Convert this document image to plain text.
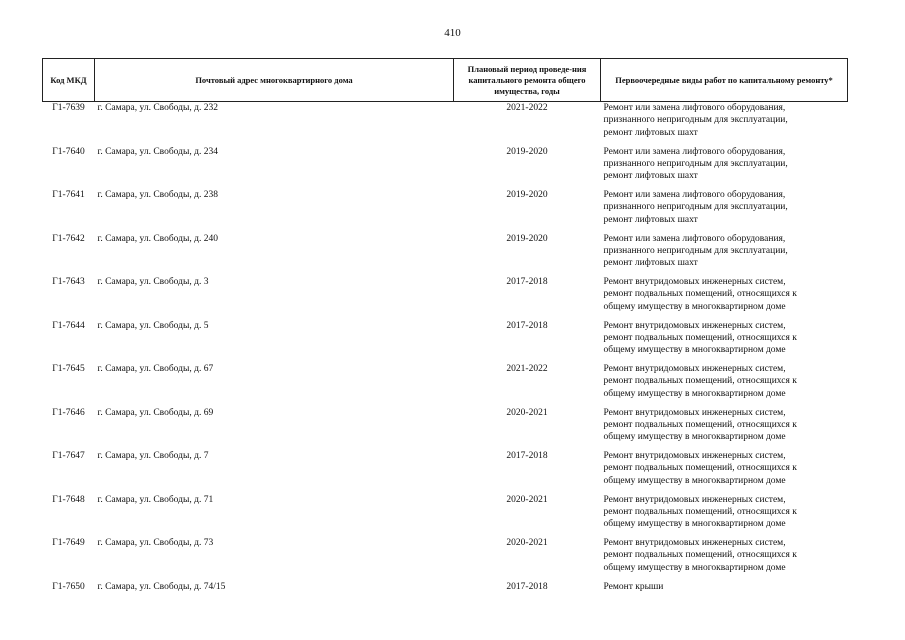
410
Код МКД	Почтовый адрес многоквартирного дома	Плановый период проведе-ния капитального ремонта общего имущества, годы	Первоочередные виды работ по капитальному ремонту*
Г1-7639	г. Самара, ул. Свободы, д. 232	2021-2022	Ремонт или замена лифтового оборудования,
признанного непригодным для эксплуатации,
ремонт лифтовых шахт

Г1-7640	г. Самара, ул. Свободы, д. 234	2019-2020	Ремонт или замена лифтового оборудования,
признанного непригодным для эксплуатации,
ремонт лифтовых шахт

Г1-7641	г. Самара, ул. Свободы, д. 238	2019-2020	Ремонт или замена лифтового оборудования,
признанного непригодным для эксплуатации,
ремонт лифтовых шахт

Г1-7642	г. Самара, ул. Свободы, д. 240	2019-2020	Ремонт или замена лифтового оборудования,
признанного непригодным для эксплуатации,
ремонт лифтовых шахт

Г1-7643	г. Самара, ул. Свободы, д. 3	2017-2018	Ремонт внутридомовых инженерных систем,
ремонт подвальных помещений, относящихся к
общему имуществу в многоквартирном доме

Г1-7644	г. Самара, ул. Свободы, д. 5	2017-2018	Ремонт внутридомовых инженерных систем,
ремонт подвальных помещений, относящихся к
общему имуществу в многоквартирном доме

Г1-7645	г. Самара, ул. Свободы, д. 67	2021-2022	Ремонт внутридомовых инженерных систем,
ремонт подвальных помещений, относящихся к
общему имуществу в многоквартирном доме

Г1-7646	г. Самара, ул. Свободы, д. 69	2020-2021	Ремонт внутридомовых инженерных систем,
ремонт подвальных помещений, относящихся к
общему имуществу в многоквартирном доме

Г1-7647	г. Самара, ул. Свободы, д. 7	2017-2018	Ремонт внутридомовых инженерных систем,
ремонт подвальных помещений, относящихся к
общему имуществу в многоквартирном доме

Г1-7648	г. Самара, ул. Свободы, д. 71	2020-2021	Ремонт внутридомовых инженерных систем,
ремонт подвальных помещений, относящихся к
общему имуществу в многоквартирном доме

Г1-7649	г. Самара, ул. Свободы, д. 73	2020-2021	Ремонт внутридомовых инженерных систем,
ремонт подвальных помещений, относящихся к
общему имуществу в многоквартирном доме

Г1-7650	г. Самара, ул. Свободы, д. 74/15	2017-2018	Ремонт крыши
